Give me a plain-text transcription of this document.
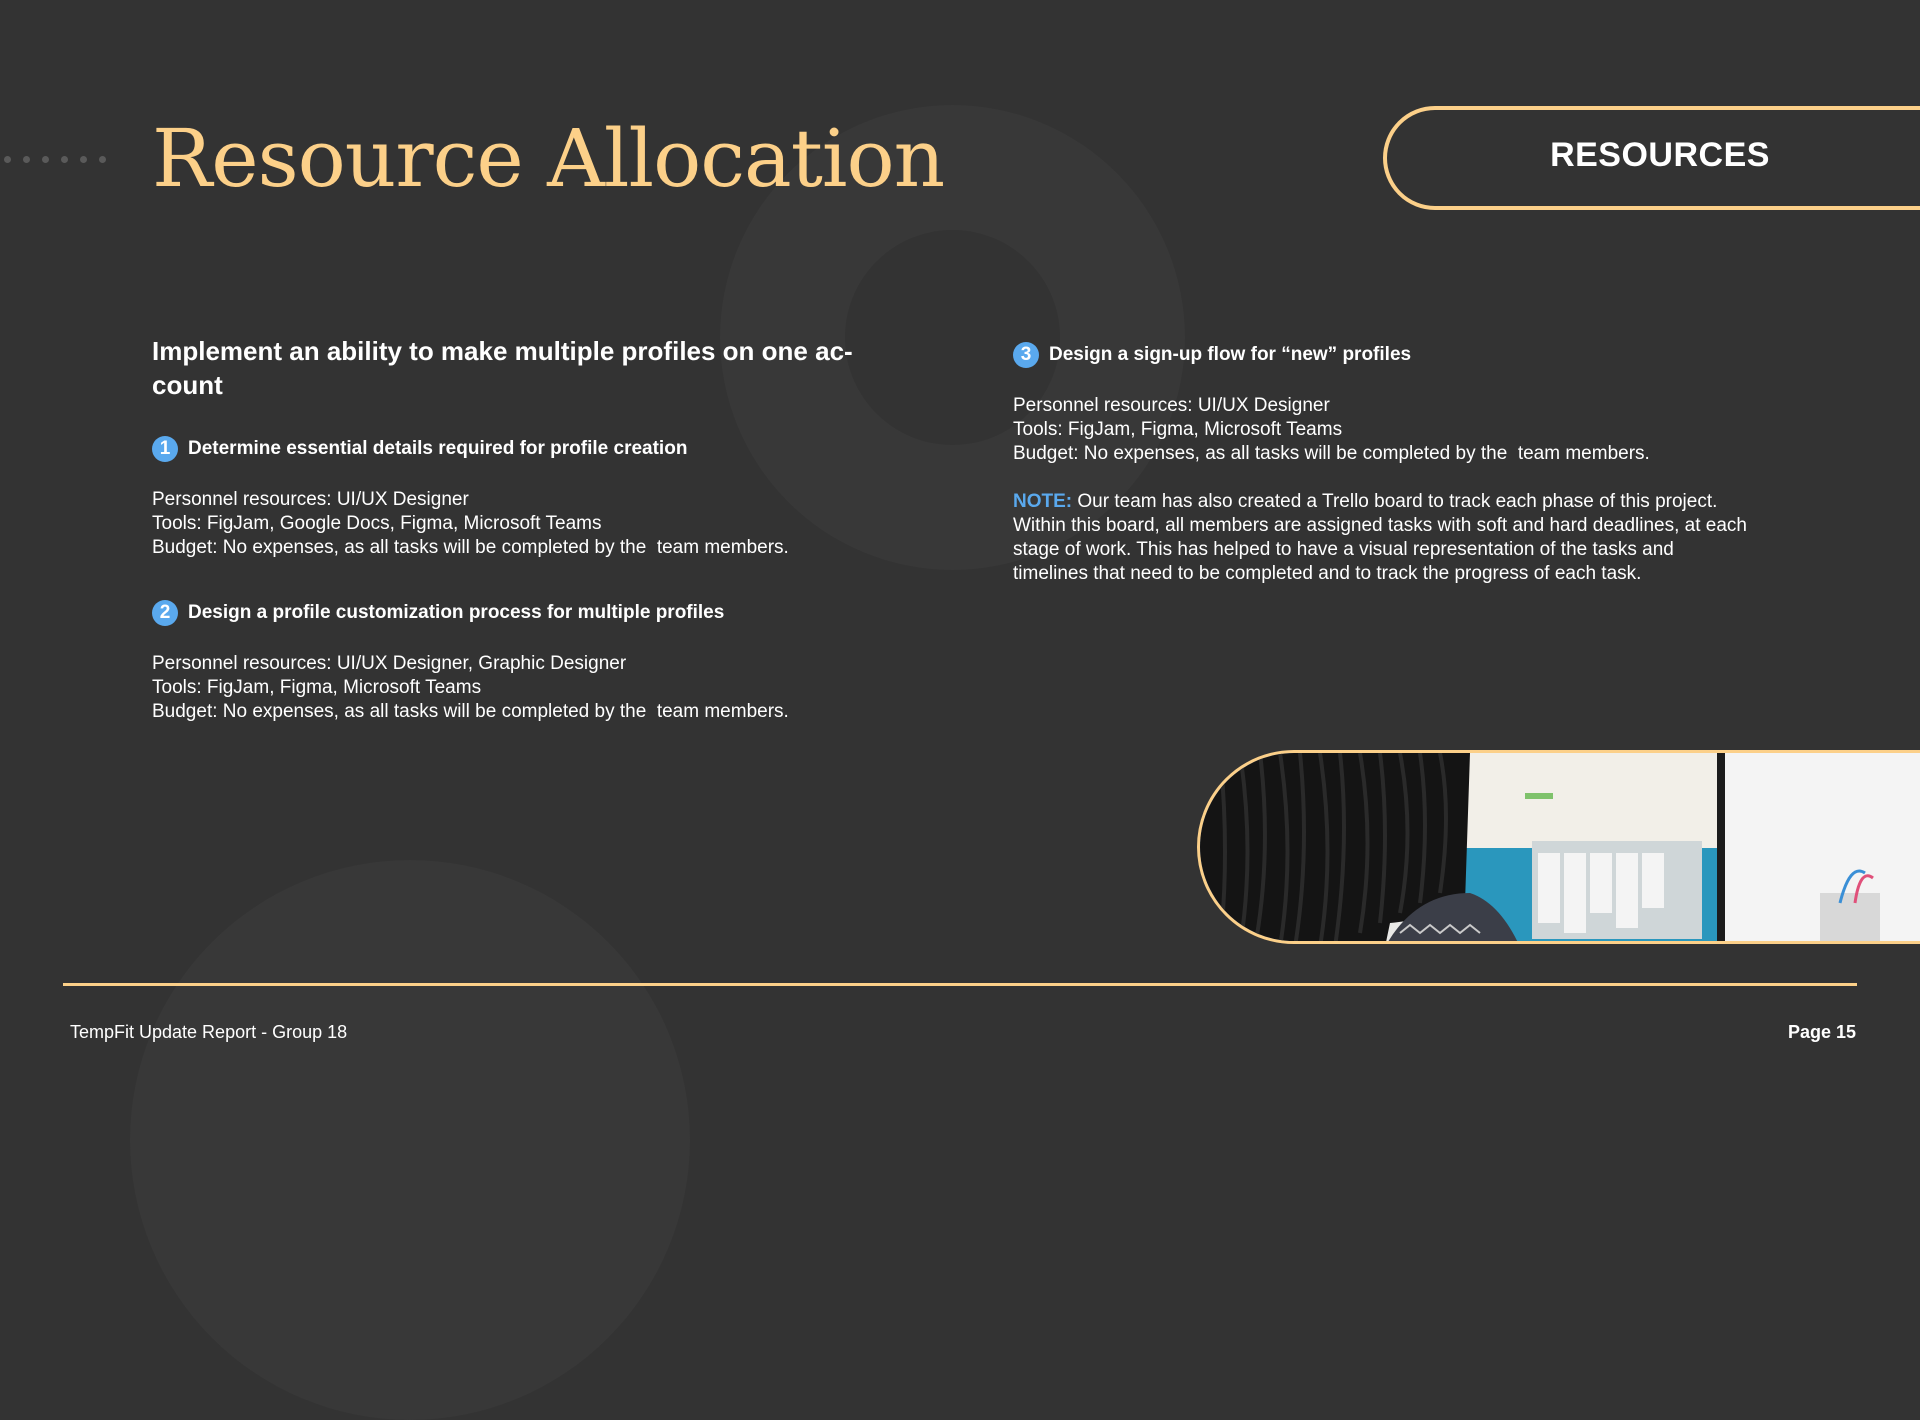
Resource Allocation	RESOURCES

Implement an ability to make multiple profiles on one ac-
count

1 Determine essential details required for profile creation
Personnel resources: UI/UX Designer
Tools: FigJam, Google Docs, Figma, Microsoft Teams
Budget: No expenses, as all tasks will be completed by the  team members.
2 Design a profile customization process for multiple profiles
Personnel resources: UI/UX Designer, Graphic Designer
Tools: FigJam, Figma, Microsoft Teams
Budget: No expenses, as all tasks will be completed by the  team members.
3 Design a sign-up flow for “new” profiles
Personnel resources: UI/UX Designer
Tools: FigJam, Figma, Microsoft Teams
Budget: No expenses, as all tasks will be completed by the  team members.
NOTE: Our team has also created a Trello board to track each phase of this project. Within this board, all members are assigned tasks with soft and hard deadlines, at each stage of work. This has helped to have a visual representation of the tasks and timelines that need to be completed and to track the progress of each task.
TempFit Update Report - Group 18	Page 15
